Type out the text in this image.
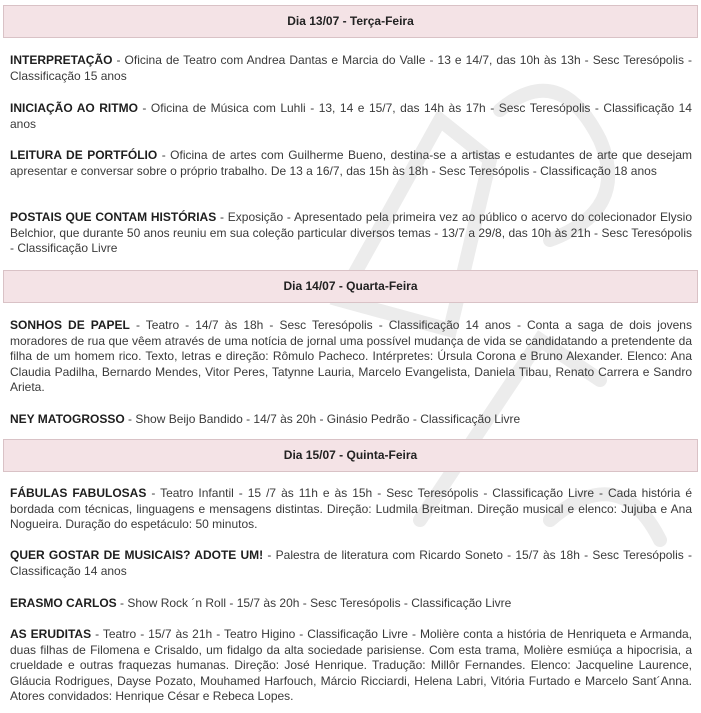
Dia 13/07 - Terça-Feira
INTERPRETAÇÃO - Oficina de Teatro com Andrea Dantas e Marcia do Valle - 13 e 14/7, das 10h às 13h - Sesc Teresópolis - Classificação 15 anos
INICIAÇÃO AO RITMO - Oficina de Música com Luhli - 13, 14 e 15/7, das 14h às 17h - Sesc Teresópolis - Classificação 14 anos
LEITURA DE PORTFÓLIO - Oficina de artes com Guilherme Bueno, destina-se a artistas e estudantes de arte que desejam apresentar e conversar sobre o próprio trabalho. De 13 a 16/7, das 15h às 18h - Sesc Teresópolis - Classificação 18 anos
POSTAIS QUE CONTAM HISTÓRIAS - Exposição - Apresentado pela primeira vez ao público o acervo do colecionador Elysio Belchior, que durante 50 anos reuniu em sua coleção particular diversos temas - 13/7 a 29/8, das 10h às 21h - Sesc Teresópolis - Classificação Livre
Dia 14/07 - Quarta-Feira
SONHOS DE PAPEL - Teatro - 14/7 às 18h - Sesc Teresópolis - Classificação 14 anos - Conta a saga de dois jovens moradores de rua que vêem através de uma notícia de jornal uma possível mudança de vida se candidatando a pretendente da filha de um homem rico. Texto, letras e direção: Rômulo Pacheco. Intérpretes: Úrsula Corona e Bruno Alexander. Elenco: Ana Claudia Padilha, Bernardo Mendes, Vitor Peres, Tatynne Lauria, Marcelo Evangelista, Daniela Tibau, Renato Carrera e Sandro Arieta.
NEY MATOGROSSO - Show Beijo Bandido - 14/7 às 20h - Ginásio Pedrão - Classificação Livre
Dia 15/07 - Quinta-Feira
FÁBULAS FABULOSAS - Teatro Infantil - 15 /7 às 11h e às 15h - Sesc Teresópolis - Classificação Livre - Cada história é bordada com técnicas, linguagens e mensagens distintas. Direção: Ludmila Breitman. Direção musical e elenco: Jujuba e Ana Nogueira. Duração do espetáculo: 50 minutos.
QUER GOSTAR DE MUSICAIS? ADOTE UM! - Palestra de literatura com Ricardo Soneto - 15/7 às 18h - Sesc Teresópolis - Classificação 14 anos
ERASMO CARLOS - Show Rock ´n Roll - 15/7 às 20h - Sesc Teresópolis - Classificação Livre
AS ERUDITAS - Teatro - 15/7 às 21h - Teatro Higino - Classificação Livre - Molière conta a história de Henriqueta e Armanda, duas filhas de Filomena e Crisaldo, um fidalgo da alta sociedade parisiense. Com esta trama, Molière esmiúça a hipocrisia, a crueldade e outras fraquezas humanas. Direção: José Henrique. Tradução: Millôr Fernandes. Elenco: Jacqueline Laurence, Gláucia Rodrigues, Dayse Pozato, Mouhamed Harfouch, Márcio Ricciardi, Helena Labri, Vitória Furtado e Marcelo Sant´Anna. Atores convidados: Henrique César e Rebeca Lopes.
